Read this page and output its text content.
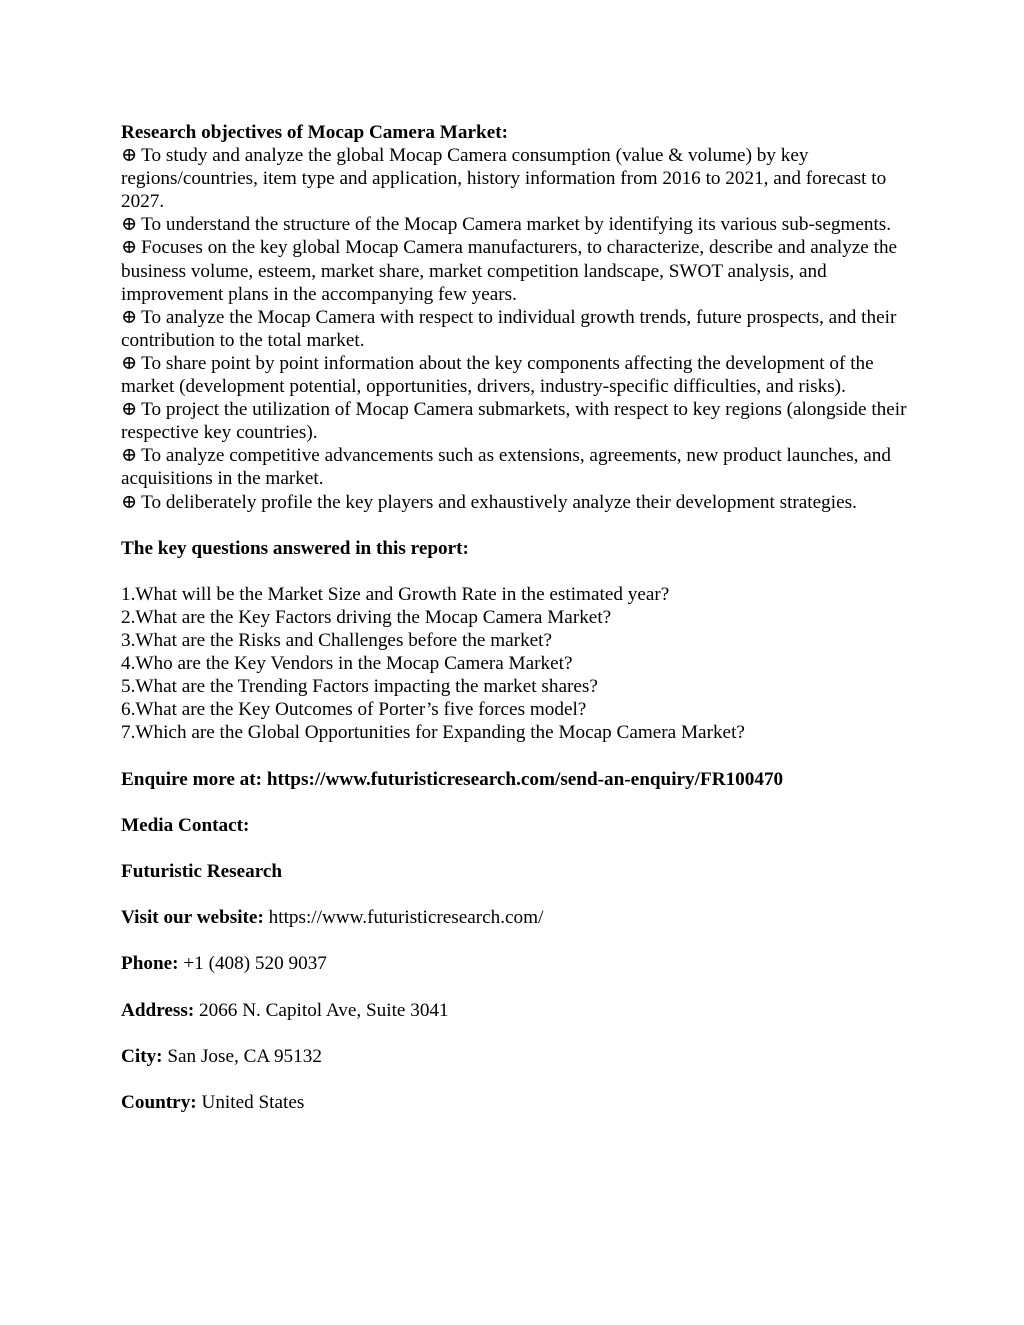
Research objectives of Mocap Camera Market:

⊕ To study and analyze the global Mocap Camera consumption (value & volume) by key regions/countries, item type and application, history information from 2016 to 2021, and forecast to 2027.

⊕ To understand the structure of the Mocap Camera market by identifying its various sub-segments.

⊕ Focuses on the key global Mocap Camera manufacturers, to characterize, describe and analyze the business volume, esteem, market share, market competition landscape, SWOT analysis, and improvement plans in the accompanying few years.

⊕ To analyze the Mocap Camera with respect to individual growth trends, future prospects, and their contribution to the total market.

⊕ To share point by point information about the key components affecting the development of the market (development potential, opportunities, drivers, industry-specific difficulties, and risks).

⊕ To project the utilization of Mocap Camera submarkets, with respect to key regions (alongside their respective key countries).

⊕ To analyze competitive advancements such as extensions, agreements, new product launches, and acquisitions in the market.

⊕ To deliberately profile the key players and exhaustively analyze their development strategies.

The key questions answered in this report:

1.What will be the Market Size and Growth Rate in the estimated year?

2.What are the Key Factors driving the Mocap Camera Market?

3.What are the Risks and Challenges before the market?

4.Who are the Key Vendors in the Mocap Camera Market?

5.What are the Trending Factors impacting the market shares?

6.What are the Key Outcomes of Porter’s five forces model?

7.Which are the Global Opportunities for Expanding the Mocap Camera Market?

Enquire more at: https://www.futuristicresearch.com/send-an-enquiry/FR100470

Media Contact:

Futuristic Research

Visit our website: https://www.futuristicresearch.com/

Phone: +1 (408) 520 9037

Address: 2066 N. Capitol Ave, Suite 3041

City: San Jose, CA 95132

Country: United States
